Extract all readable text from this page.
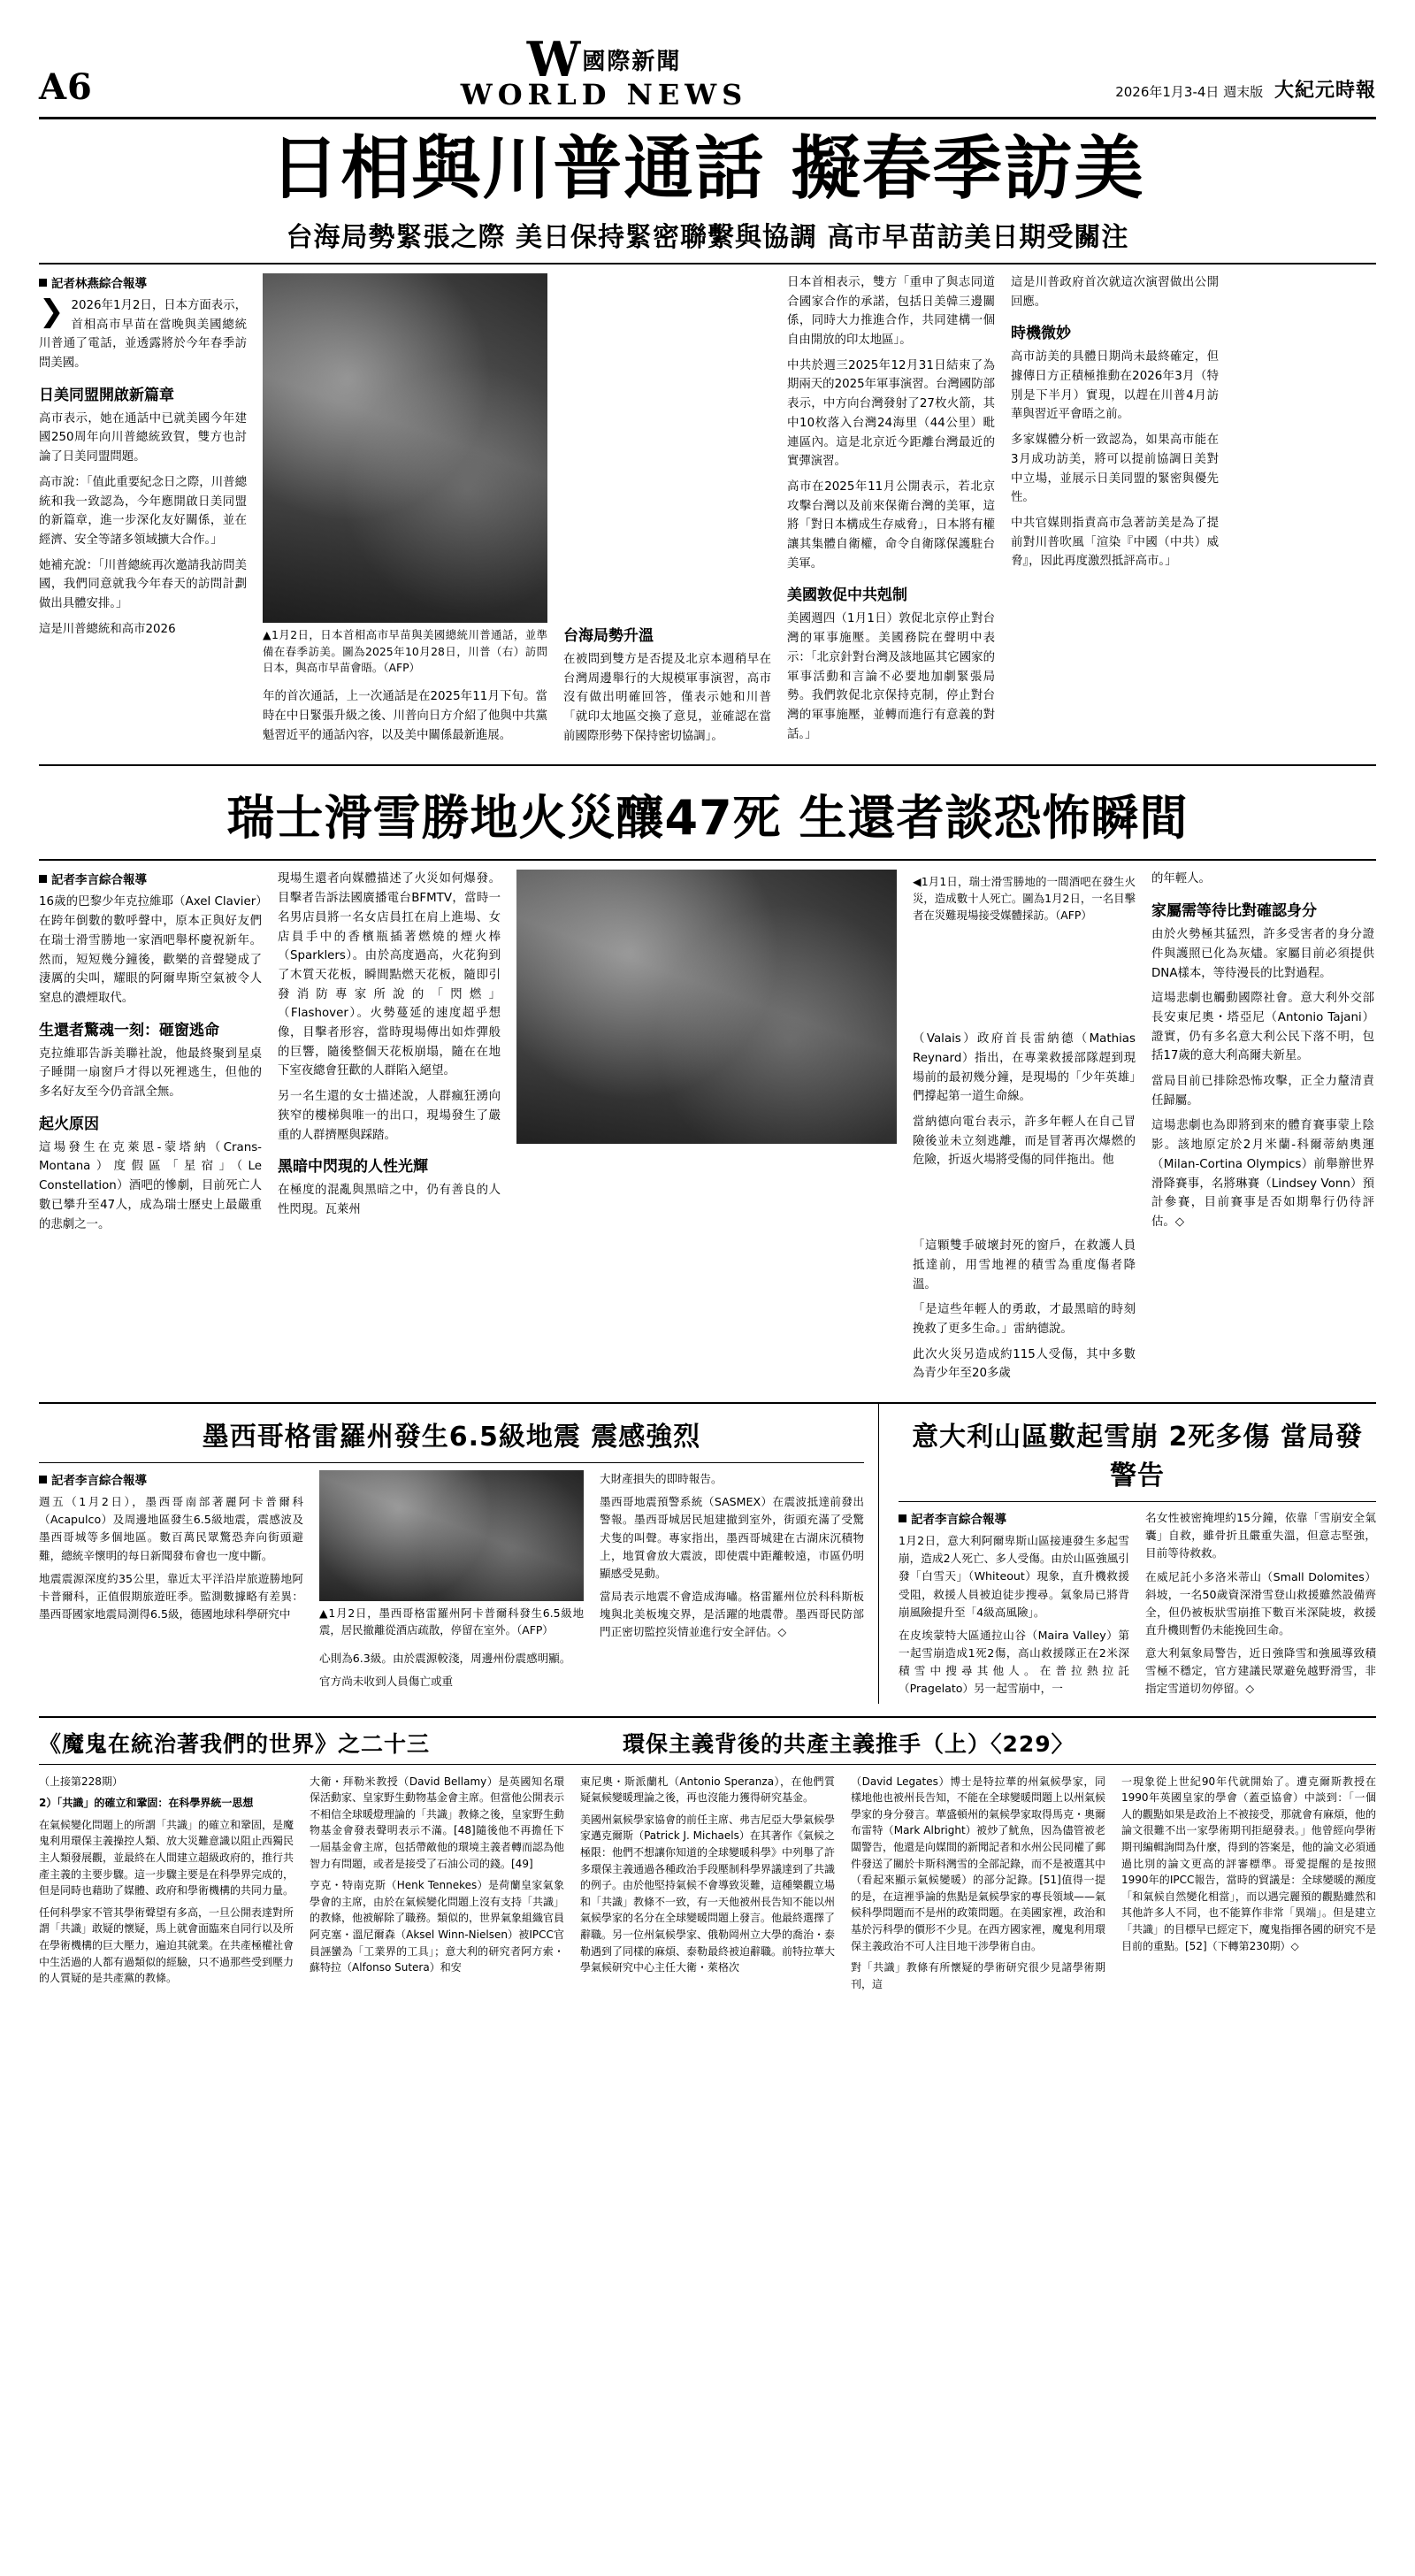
A6	W國際新聞
WORLD NEWS	2026年1月3-4日 週末版 大紀元時報
日相與川普通話 擬春季訪美
台海局勢緊張之際 美日保持緊密聯繫與協調 高市早苗訪美日期受關注
記者林燕綜合報導
❯ 2026年1月2日，日本方面表示，首相高市早苗在當晚與美國總統川普通了電話，並透露將於今年春季訪問美國。
日美同盟開啟新篇章

高市表示，她在通話中已就美國今年建國250周年向川普總統致賀，雙方也討論了日美同盟問題。

高市說：「值此重要紀念日之際，川普總統和我一致認為，今年應開啟日美同盟的新篇章，進一步深化友好關係，並在經濟、安全等諸多領域擴大合作。」

她補充說：「川普總統再次邀請我訪問美國，我們同意就我今年春天的訪問計劃做出具體安排。」

這是川普總統和高市2026	▲1月2日，日本首相高市早苗與美國總統川普通話，並準備在春季訪美。圖為2025年10月28日，川普（右）訪問日本，與高市早苗會晤。（AFP）

年的首次通話，上一次通話是在2025年11月下旬。當時在中日緊張升級之後、川普向日方介紹了他與中共黨魁習近平的通話內容，以及美中關係最新進展。

台海局勢升溫

在被問到雙方是否提及北京本週稍早在台灣周邊舉行的大規模軍事演習，高市沒有做出明確回答，僅表示她和川普「就印太地區交換了意見，並確認在當前國際形勢下保持密切協調」。

日本首相表示，雙方「重申了與志同道合國家合作的承諾，包括日美韓三邊關係，同時大力推進合作，共同建構一個自由開放的印太地區」。

中共於週三2025年12月31日結束了為期兩天的2025年軍事演習。台灣國防部表示，中方向台灣發射了27枚火箭，其中10枚落入台灣24海里（44公里）毗連區內。這是北京近今距離台灣最近的實彈演習。

高市在2025年11月公開表示，若北京攻擊台灣以及前來保衛台灣的美軍，這將「對日本構成生存威脅」，日本將有權讓其集體自衛權，命令自衛隊保護駐台美軍。

美國敦促中共剋制

美國週四（1月1日）敦促北京停止對台灣的軍事施壓。美國務院在聲明中表示：「北京針對台灣及該地區其它國家的軍事活動和言論不必要地加劇緊張局勢。我們敦促北京保持克制，停止對台灣的軍事施壓，並轉而進行有意義的對話。」

這是川普政府首次就這次演習做出公開回應。

時機微妙

高市訪美的具體日期尚未最終確定，但據傳日方正積極推動在2026年3月（特別是下半月）實現，以趕在川普4月訪華與習近平會晤之前。

多家媒體分析一致認為，如果高市能在3月成功訪美，將可以提前協調日美對中立場，並展示日美同盟的緊密與優先性。

中共官媒則指責高市急著訪美是為了提前對川普吹風「渲染『中國（中共）威脅』，因此再度激烈抵評高市。」

瑞士滑雪勝地火災釀47死 生還者談恐怖瞬間
記者李言綜合報導

16歲的巴黎少年克拉維耶（Axel Clavier）在跨年倒數的數呼聲中，原本正與好友們在瑞士滑雪勝地一家酒吧舉杯慶祝新年。然而，短短幾分鐘後，歡樂的音聲變成了淒厲的尖叫，耀眼的阿爾卑斯空氣被令人窒息的濃煙取代。

生還者驚魂一刻：砸窗逃命

克拉維耶告訴美聯社說，他最終聚到星桌子睡開一扇窗戶才得以死裡逃生，但他的多名好友至今仍音訊全無。

起火原因

這場發生在克萊恩-蒙塔納（Crans-Montana）度假區「星宿」（Le Constellation）酒吧的慘劇，目前死亡人數已攀升至47人，成為瑞士歷史上最嚴重的悲劇之一。

現場生還者向媒體描述了火災如何爆發。目擊者告訴法國廣播電台BFMTV，當時一名男店員將一名女店員扛在肩上進場、女店員手中的香檳瓶插著燃燒的煙火棒（Sparklers）。由於高度過高，火花狗到了木質天花板，瞬間點燃天花板，隨即引發消防專家所說的「閃燃」（Flashover）。火勢蔓延的速度超乎想像，目擊者形容，當時現場傳出如炸彈般的巨響，隨後整個天花板崩塌，隨在在地下室夜總會狂歡的人群陷入絕望。

另一名生還的女士描述說，人群瘋狂湧向狹窄的樓梯與唯一的出口，現場發生了嚴重的人群擠壓與踩踏。

黑暗中閃現的人性光輝

在極度的混亂與黑暗之中，仍有善良的人性閃現。瓦萊州

◀1月1日，瑞士滑雪勝地的一間酒吧在發生火災，造成數十人死亡。圖為1月2日，一名目擊者在災難現場接受媒體採訪。（AFP）

（Valais）政府首長雷納德（Mathias Reynard）指出，在專業救援部隊趕到現場前的最初幾分鐘，是現場的「少年英雄」們撐起第一道生命線。

當納德向電台表示，許多年輕人在自己冒險後並未立刻逃離，而是冒著再次爆燃的危險，折返火場將受傷的同伴拖出。他

的年輕人。

家屬需等待比對確認身分

由於火勢極其猛烈，許多受害者的身分證件與護照已化為灰燼。家屬目前必須提供DNA樣本，等待漫長的比對過程。

這場悲劇也觸動國際社會。意大利外交部長安東尼奧・塔亞尼（Antonio Tajani）證實，仍有多名意大利公民下落不明，包括17歲的意大利高爾夫新星。

當局目前已排除恐怖攻擊，正全力釐清責任歸屬。

這場悲劇也為即將到來的體育賽事蒙上陰影。該地原定於2月米蘭-科爾蒂納奧運（Milan-Cortina Olympics）前舉辦世界滑降賽事，名將琳賽（Lindsey Vonn）預計參賽，目前賽事是否如期舉行仍待評估。◇

「這顆雙手破壞封死的窗戶，在救護人員抵達前，用雪地裡的積雪為重度傷者降溫。

「是這些年輕人的勇敢，才最黑暗的時刻挽救了更多生命。」雷納德說。

此次火災另造成約115人受傷，其中多數為青少年至20多歲

墨西哥格雷羅州發生6.5級地震 震感強烈
記者李言綜合報導

週五（1月2日），墨西哥南部著麗阿卡普爾科（Acapulco）及周邊地區發生6.5級地震，震感波及墨西哥城等多個地區。數百萬民眾驚恐奔向街頭避難，總統辛懷明的每日新聞發布會也一度中斷。

地震震源深度約35公里，靠近太平洋沿岸旅遊勝地阿卡普爾科，正值假期旅遊旺季。監測數據略有差異：墨西哥國家地震局測得6.5級，德國地球科學研究中	▲1月2日，墨西哥格雷羅州阿卡普爾科發生6.5級地震，居民撤離從酒店疏散，停留在室外。（AFP）

心則為6.3級。由於震源較淺，周邊州份震感明顯。

官方尚未收到人員傷亡或重

大財產損失的即時報告。

墨西哥地震預警系統（SASMEX）在震波抵達前發出警報。墨西哥城居民旭建撤到室外，街頭充滿了受驚犬隻的叫聲。專家指出，墨西哥城建在古湖床沉積物上，地質會放大震波，即使震中距離較遠，市區仍明顯感受晃動。

當局表示地震不會造成海嘯。格雷羅州位於科科斯板塊與北美板塊交界，是活躍的地震帶。墨西哥民防部門正密切監控災情並進行安全評估。◇

意大利山區數起雪崩 2死多傷 當局發警告
記者李言綜合報導

1月2日，意大利阿爾卑斯山區接連發生多起雪崩，造成2人死亡、多人受傷。由於山區強風引發「白雪天」（Whiteout）現象，直升機救援受阻，救援人員被迫徒步搜尋。氣象局已將背崩風險提升至「4級高風險」。

在皮埃蒙特大區通拉山谷（Maira Valley）第一起雪崩造成1死2傷，高山救援隊正在2米深積雪中搜尋其他人。在普拉熱拉託（Pragelato）另一起雪崩中，一

名女性被密掩埋約15分鐘，依靠「雪崩安全氣囊」自救，雖骨折且嚴重失溫，但意志堅強，目前等待救救。

在威尼託小多洛米蒂山（Small Dolomites）斜坡，一名50歲資深滑雪登山救援雖然設備齊全，但仍被板狀雪崩推下數百米深陡坡，救援直升機則暫仍未能挽回生命。

意大利氣象局警告，近日強降雪和強風導致積雪極不穩定，官方建議民眾避免越野滑雪，非指定雪道切勿停留。◇

《魔鬼在統治著我們的世界》之二十三	環保主義背後的共產主義推手（上）〈229〉

（上接第228期）

2）「共識」的確立和鞏固：在科學界統一思想

在氣候變化問題上的所謂「共識」的確立和鞏固，是魔鬼利用環保主義操控人類、放大災難意識以阻止西獨民主人類發展觀，並最終在人間建立超級政府的，推行共產主義的主要步驟。這一步驟主要是在科學界完成的，但是同時也藉助了媒體、政府和學術機構的共同力量。

任何科學家不管其學術聲望有多高，一旦公開表達對所謂「共識」敢疑的懷疑，馬上就會面臨來自同行以及所在學術機構的巨大壓力，遍迫其就業。在共產極權社會中生活過的人都有過類似的經驗，只不過那些受到壓力的人質疑的是共產黨的教條。

大衛・拜勒米教授（David Bellamy）是英國知名環保活動家、皇家野生動物基金會主席。但當他公開表示不相信全球暖燈理論的「共識」教條之後，皇家野生動物基金會發表聲明表示不滿。[48]隨後他不再擔任下一屆基金會主席，包括帶敵他的環境主義者轉而認為他智力有問題，或者是接受了石油公司的錢。[49]

亨克・特南克斯（Henk Tennekes）是荷蘭皇家氣象學會的主席，由於在氣候變化問題上沒有支持「共識」的教條，他被解除了職務。類似的，世界氣象組織官員阿克塞・溫尼爾森（Aksel Winn-Nielsen）被IPCC官員誣蠻為「工業界的工具」；意大利的研究者阿方索・蘇特拉（Alfonso Sutera）和安

東尼奧・斯派蘭札（Antonio Speranza），在他們質疑氣候變暖理論之後，再也沒能力獲得研究基金。

美國州氣候學家協會的前任主席、弗吉尼亞大學氣候學家邁克爾斯（Patrick J. Michaels）在其著作《氣候之極限：他們不想讓你知道的全球變暖科學》中列舉了許多環保主義通過各種政治手段壓制科學界議達到了共識的例子。由於他堅持氣候不會導致災難，這種樂觀立場和「共識」教條不一致，有一天他被州長告知不能以州氣候學家的名分在全球變暖問題上發言。他最終選擇了辭職。另一位州氣候學家、俄勒岡州立大學的喬治・泰勒遇到了同樣的麻煩、泰勒最終被迫辭職。前特拉華大學氣候研究中心主任大衛・萊格次

（David Legates）博士是特拉華的州氣候學家，同樣地他也被州長告知，不能在全球變暖問題上以州氣候學家的身分發言。華盛頓州的氣候學家取得馬克・奧爾布雷特（Mark Albright）被炒了魷魚，因為儘管被老闆警告，他還是向媒間的新聞記者和水州公民同權了郵件發送了關於卡斯科灣雪的全部記錄，而不是被選其中（看起來顯示氣候變暖）的部分記錄。[51]值得一提的是，在這裡爭論的焦點是氣候學家的專長領域——氣候科學問題而不是州的政策問題。在美國家裡，政治和基於污科學的價形不少見。在西方國家裡，魔鬼利用環保主義政治不可人注目地干涉學術自由。

對「共識」教條有所懷疑的學術研究很少見諸學術期刊，這

一現象從上世紀90年代就開始了。遭克爾斯教授在1990年英國皇家的學會（蓋亞協會）中談到：「一個人的觀點如果是政治上不被接受，那就會有麻煩，他的論文很難不出一家學術期刊拒絕發表。」他曾經向學術期刊編輯詢問為什麼，得到的答案是，他的論文必須通過比別的論文更高的評審標準。哥愛提醒的是按照1990年的IPCC報告，當時的貿議是：全球變暖的瀕度「和氣候自然變化相當」，而以遇完麗預的觀點雖然和其他許多人不同，也不能算作非常「異端」。但是建立「共識」的目標早已經定下，魔鬼指揮各國的研究不是目前的重點。[52]（下轉第230期）◇
